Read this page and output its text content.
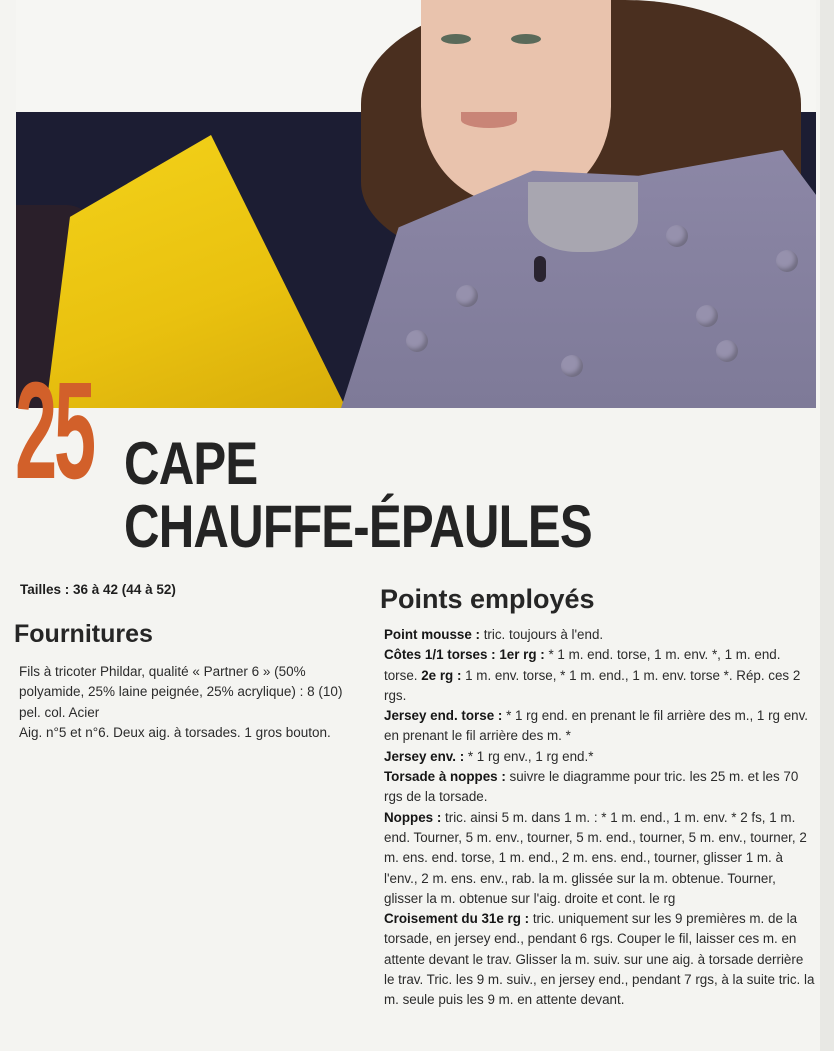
25 CAPE
CHAUFFE-ÉPAULES
Tailles : 36 à 42 (44 à 52)
Fournitures

Fils à tricoter Phildar, qualité « Partner 6 » (50% polyamide, 25% laine peignée, 25% acrylique) : 8 (10) pel. col. Acier

Aig. n°5 et n°6. Deux aig. à torsades. 1 gros bouton.

Points employés

Point mousse : tric. toujours à l'end.

Côtes 1/1 torses : 1er rg : * 1 m. end. torse, 1 m. env. *, 1 m. end. torse. 2e rg : 1 m. env. torse, * 1 m. end., 1 m. env. torse *. Rép. ces 2 rgs.

Jersey end. torse : * 1 rg end. en prenant le fil arrière des m., 1 rg env. en prenant le fil arrière des m. *

Jersey env. : * 1 rg env., 1 rg end.*

Torsade à noppes : suivre le diagramme pour tric. les 25 m. et les 70 rgs de la torsade.

Noppes : tric. ainsi 5 m. dans 1 m. : * 1 m. end., 1 m. env. * 2 fs, 1 m. end. Tourner, 5 m. env., tourner, 5 m. end., tourner, 5 m. env., tourner, 2 m. ens. end. torse, 1 m. end., 2 m. ens. end., tourner, glisser 1 m. à l'env., 2 m. ens. env., rab. la m. glissée sur la m. obtenue. Tourner, glisser la m. obtenue sur l'aig. droite et cont. le rg

Croisement du 31e rg : tric. uniquement sur les 9 premières m. de la torsade, en jersey end., pendant 6 rgs. Couper le fil, laisser ces m. en attente devant le trav. Glisser la m. suiv. sur une aig. à torsade derrière le trav. Tric. les 9 m. suiv., en jersey end., pendant 7 rgs, à la suite tric. la m. seule puis les 9 m. en attente devant.
